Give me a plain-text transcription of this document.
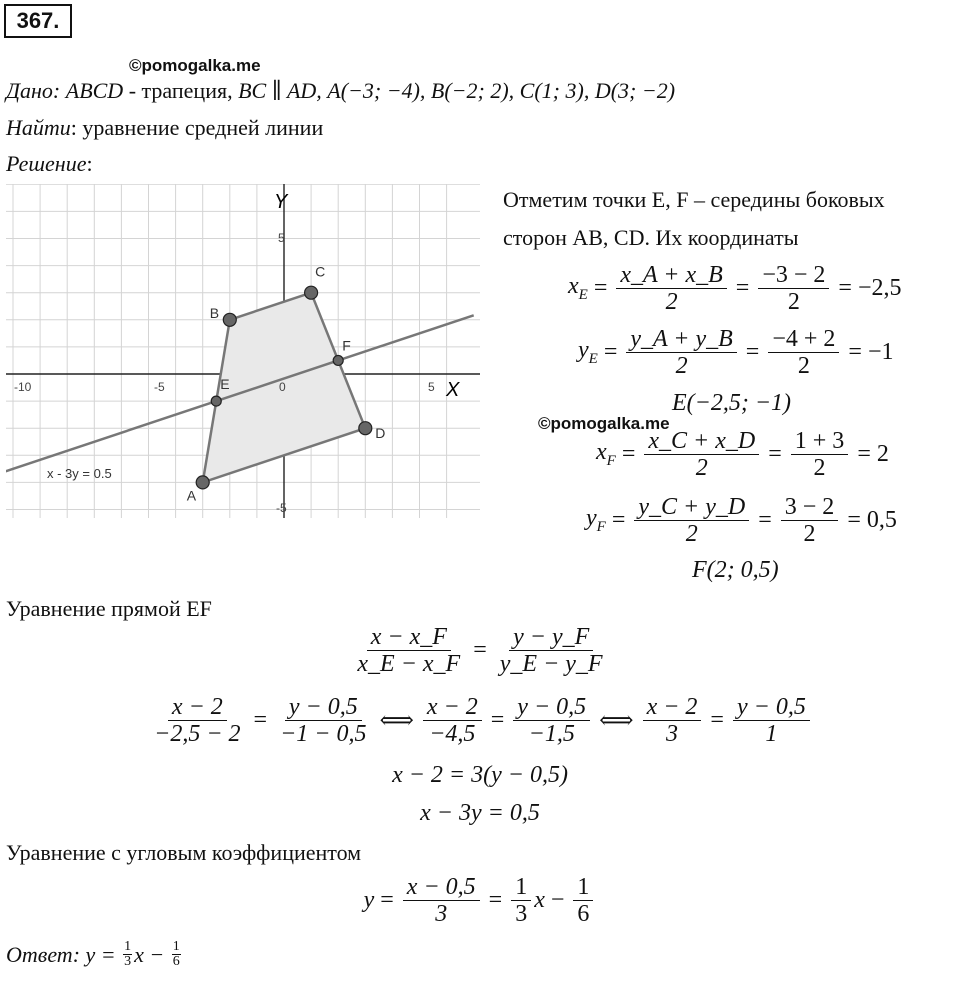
367.
©pomogalka.me
Дано: ABCD - трапеция, BC ∥ AD, A(−3; −4), B(−2; 2), C(1; 3), D(3; −2)
Найти: уравнение средней линии
Решение:
A
B
C
D
E
F
X
Y
-10	-5	0	5
5
-5
x - 3y = 0.5
Отметим точки E, F – середины боковых
сторон AB, CD. Их координаты
$x_E = \frac{x\_A + x\_B}{2} = \frac{-3 - 2}{2} = -2,5$
$y_E = \frac{y\_A + y\_B}{2} = \frac{-4 + 2}{2} = -1$
E(−2,5; −1)
©pomogalka.me
$x_F = \frac{x\_C + x\_D}{2} = \frac{1 + 3}{2} = 2$
$y_F = \frac{y\_C + y\_D}{2} = \frac{3 - 2}{2} = 0,5$
F(2; 0,5)
Уравнение прямой EF
$\frac{x - x\_F}{x\_E - x\_F} = \frac{y - y\_F}{y\_E - y\_F}$
$\frac{x - 2}{-2,5 - 2} = \frac{y - 0,5}{-1 - 0,5}$ ⟺ $\frac{x - 2}{-4,5} = \frac{y - 0,5}{-1,5}$ ⟺ $\frac{x - 2}{3} = \frac{y - 0,5}{1}$
x − 2 = 3(y − 0,5)
x − 3y = 0,5
Уравнение с угловым коэффициентом
$y = \frac{x - 0,5}{3} = \frac{1}{3}$ $x - \frac{1}{6}$
Ответ : $y = \frac{1}{3}$ $x - \frac{1}{6}$
